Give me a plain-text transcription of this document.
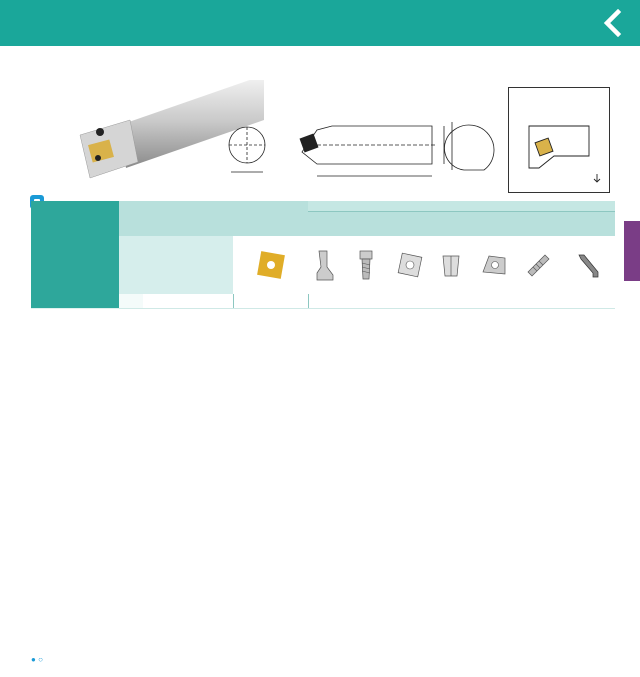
● ○
